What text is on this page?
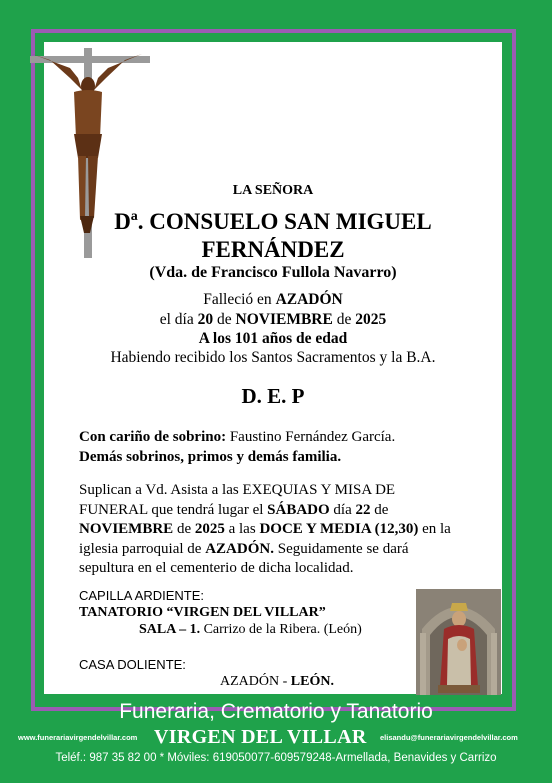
LA SEÑORA
Dª. CONSUELO SAN MIGUEL
FERNÁNDEZ
(Vda. de Francisco Fullola Navarro)
Falleció en AZADÓN
el día 20 de NOVIEMBRE de 2025
A los 101 años de edad
Habiendo recibido los Santos Sacramentos y la B.A.
D. E. P
Con cariño de sobrino: Faustino Fernández García.
Demás sobrinos, primos y demás familia.
Suplican a Vd. Asista a las EXEQUIAS Y MISA DE FUNERAL que tendrá lugar el SÁBADO día 22 de NOVIEMBRE de 2025 a las DOCE Y MEDIA (12,30) en la iglesia parroquial de AZADÓN. Seguidamente se dará sepultura en el cementerio de dicha localidad.
CAPILLA ARDIENTE:
TANATORIO “VIRGEN DEL VILLAR”
SALA – 1. Carrizo de la Ribera. (León)
CASA DOLIENTE:
AZADÓN - LEÓN.
Funeraria, Crematorio y Tanatorio
www.funerariavirgendelvillar.com VIRGEN DEL VILLAR elisandu@funerariavirgendelvillar.com
Teléf.: 987 35 82 00 * Móviles: 619050077-609579248-Armellada, Benavides y Carrizo
